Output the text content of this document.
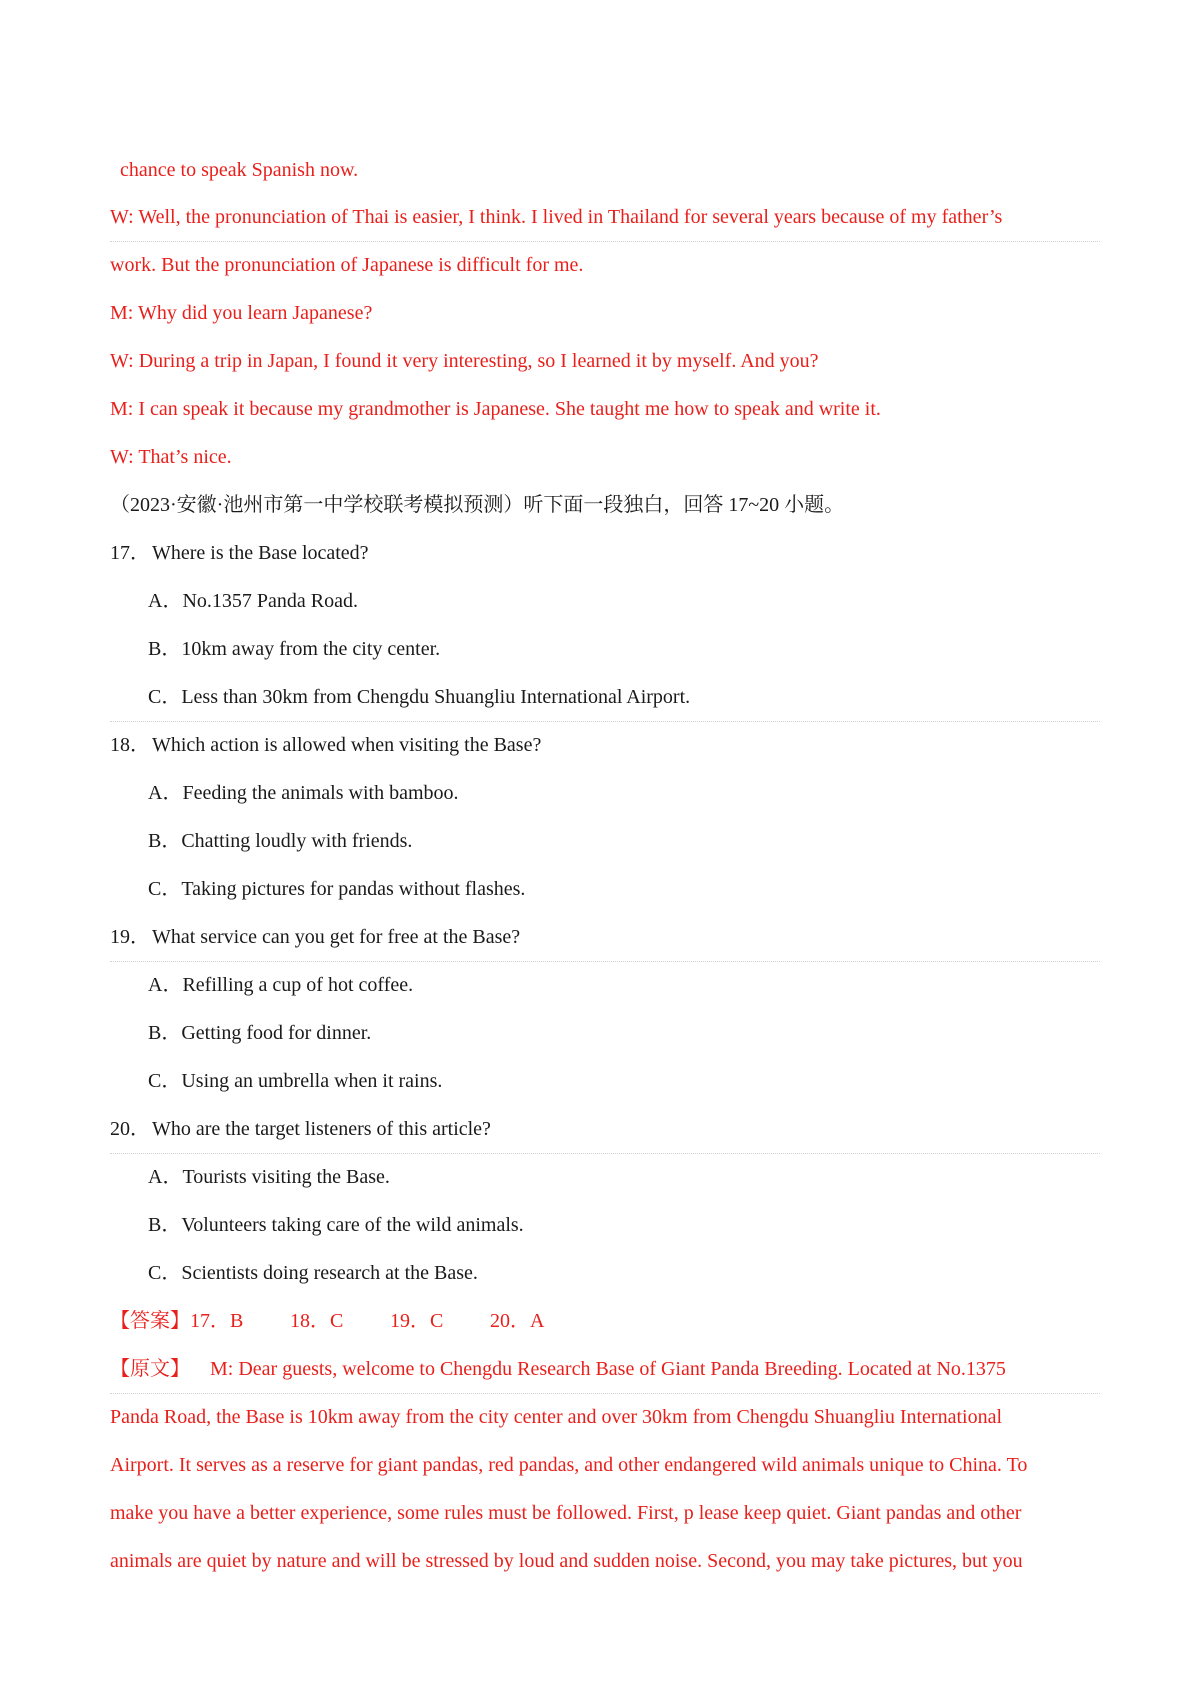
chance to speak Spanish now.
W: Well, the pronunciation of Thai is easier, I think. I lived in Thailand for several years because of my father’s
work. But the pronunciation of Japanese is difficult for me.
M: Why did you learn Japanese?
W: During a trip in Japan, I found it very interesting, so I learned it by myself. And you?
M: I can speak it because my grandmother is Japanese. She taught me how to speak and write it.
W: That’s nice.
（2023·安徽·池州市第一中学校联考模拟预测）听下面一段独白，回答 17~20 小题。
17． Where is the Base located?
A．No.1357 Panda Road.
B．10km away from the city center.
C．Less than 30km from Chengdu Shuangliu International Airport.
18． Which action is allowed when visiting the Base?
A．Feeding the animals with bamboo.
B．Chatting loudly with friends.
C．Taking pictures for pandas without flashes.
19． What service can you get for free at the Base?
A．Refilling a cup of hot coffee.
B．Getting food for dinner.
C．Using an umbrella when it rains.
20． Who are the target listeners of this article?
A．Tourists visiting the Base.
B．Volunteers taking care of the wild animals.
C．Scientists doing research at the Base.
【答案】17．B 18．C 19．C 20．A
【原文】 M: Dear guests, welcome to Chengdu Research Base of Giant Panda Breeding. Located at No.1375
Panda Road, the Base is 10km away from the city center and over 30km from Chengdu Shuangliu International
Airport. It serves as a reserve for giant pandas, red pandas, and other endangered wild animals unique to China. To
make you have a better experience, some rules must be followed. First, p lease keep quiet. Giant pandas and other
animals are quiet by nature and will be stressed by loud and sudden noise. Second, you may take pictures, but you
